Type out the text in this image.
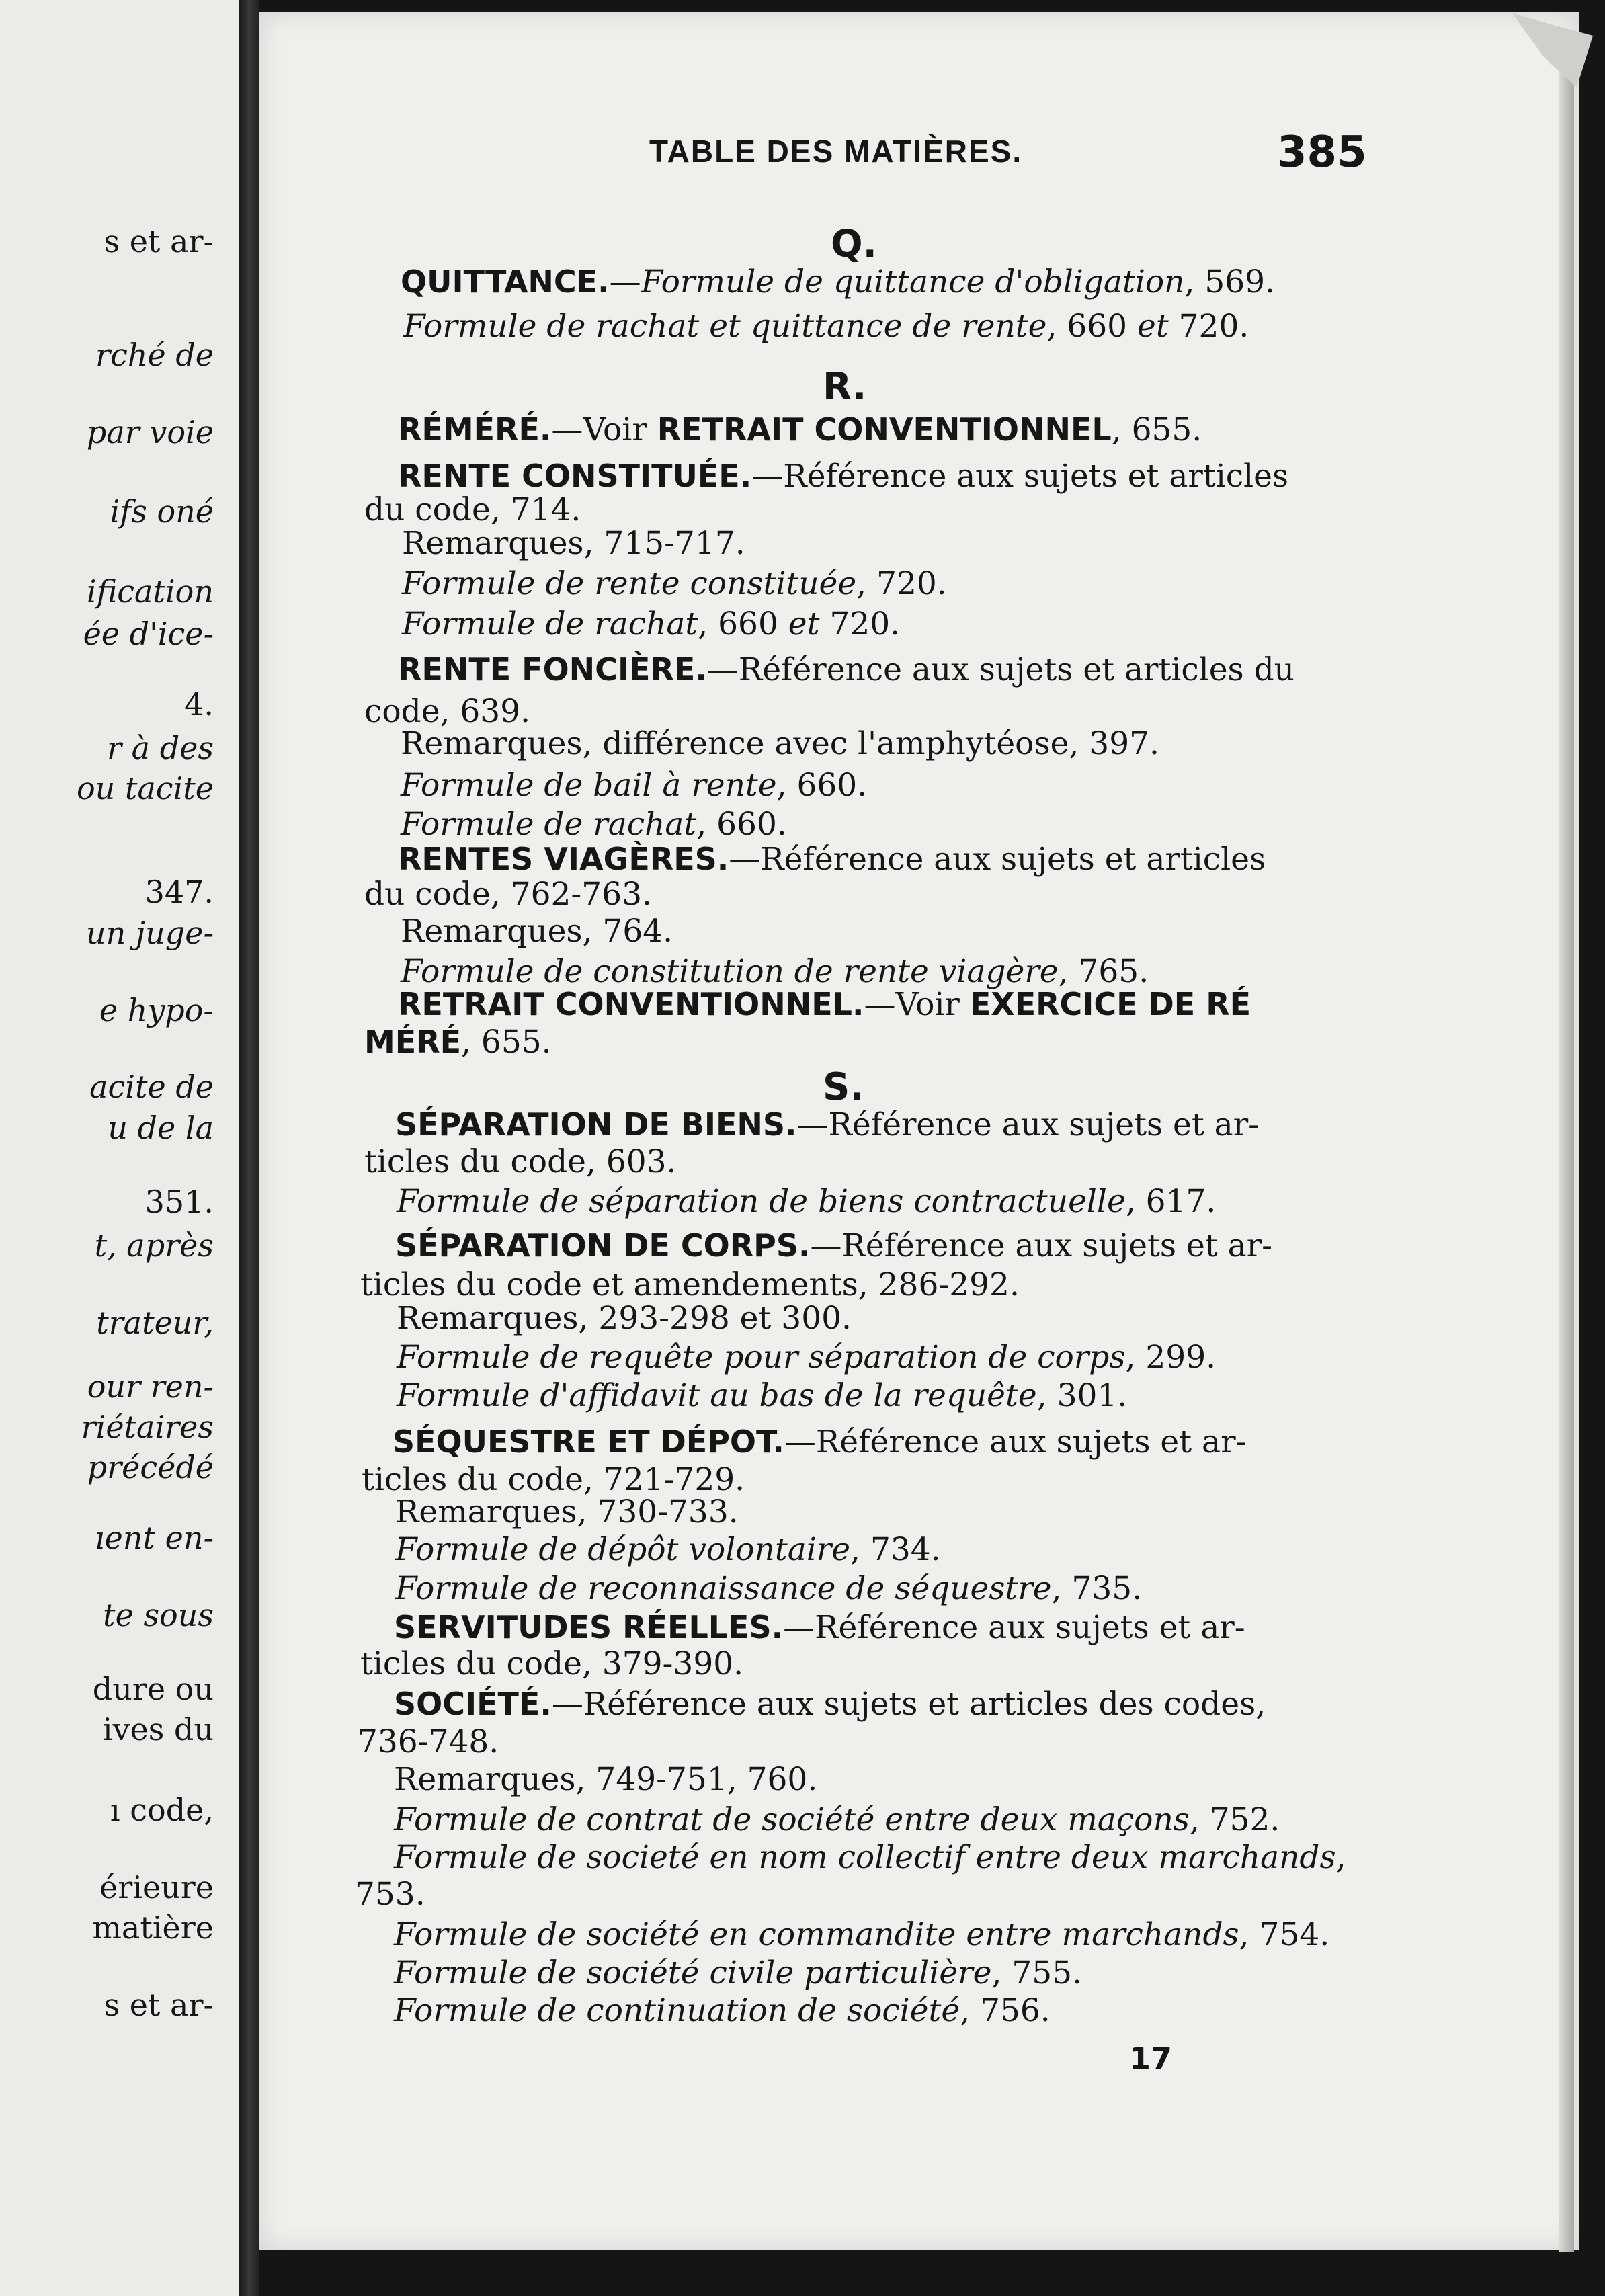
s et ar-
rché de
par voie
ifs oné
ification
ée d'ice-
4.
r à des
ou tacite
347.
un juge-
e hypo-
acite de
u de la
351.
t, après
trateur,
our ren-
riétaires
précédé
ıent en-
te sous
dure ou
ives du
ı code,
érieure
matière
s et ar-
TABLE DES MATIÈRES.	385
Q.
R.
S.
QUITTANCE.—Formule de quittance d'obligation, 569.
Formule de rachat et quittance de rente, 660 et 720.
RÉMÉRÉ.—Voir RETRAIT CONVENTIONNEL, 655.
RENTE CONSTITUÉE.—Référence aux sujets et articles
du code, 714.
Remarques, 715-717.
Formule de rente constituée, 720.
Formule de rachat, 660 et 720.
RENTE FONCIÈRE.—Référence aux sujets et articles du
code, 639.
Remarques, différence avec l'amphytéose, 397.
Formule de bail à rente, 660.
Formule de rachat, 660.
RENTES VIAGÈRES.—Référence aux sujets et articles
du code, 762-763.
Remarques, 764.
Formule de constitution de rente viagère, 765.
RETRAIT CONVENTIONNEL.—Voir EXERCICE DE RÉ
MÉRÉ, 655.
SÉPARATION DE BIENS.—Référence aux sujets et ar-
ticles du code, 603.
Formule de séparation de biens contractuelle, 617.
SÉPARATION DE CORPS.—Référence aux sujets et ar-
ticles du code et amendements, 286-292.
Remarques, 293-298 et 300.
Formule de requête pour séparation de corps, 299.
Formule d'affidavit au bas de la requête, 301.
SÉQUESTRE ET DÉPOT.—Référence aux sujets et ar-
ticles du code, 721-729.
Remarques, 730-733.
Formule de dépôt volontaire, 734.
Formule de reconnaissance de séquestre, 735.
SERVITUDES RÉELLES.—Référence aux sujets et ar-
ticles du code, 379-390.
SOCIÉTÉ.—Référence aux sujets et articles des codes,
736-748.
Remarques, 749-751, 760.
Formule de contrat de société entre deux maçons, 752.
Formule de societé en nom collectif entre deux marchands,
753.
Formule de société en commandite entre marchands, 754.
Formule de société civile particulière, 755.
Formule de continuation de société, 756.
17
